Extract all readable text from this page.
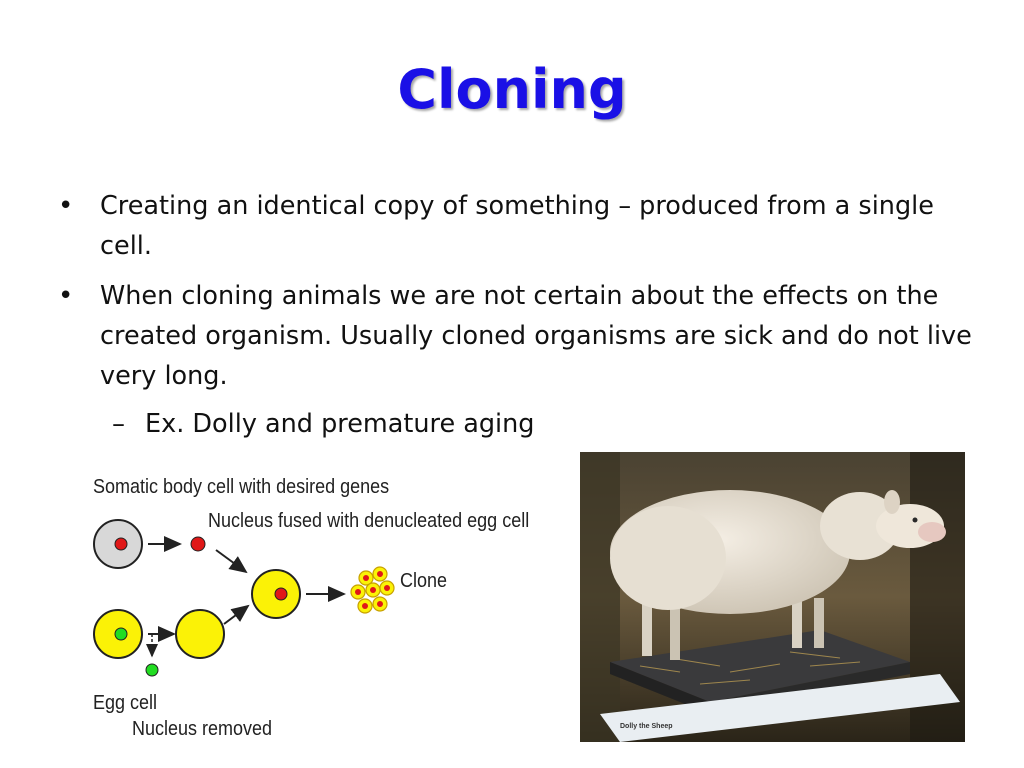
Cloning
• Creating an identical copy of something – produced from a single cell.
• When cloning animals we are not certain about the effects on the created organism. Usually cloned organisms are sick and do not live very long.
– Ex. Dolly and premature aging
Somatic body cell with desired genes
Nucleus fused with denucleated egg cell
Clone
Egg cell
Nucleus removed	Dolly the Sheep
